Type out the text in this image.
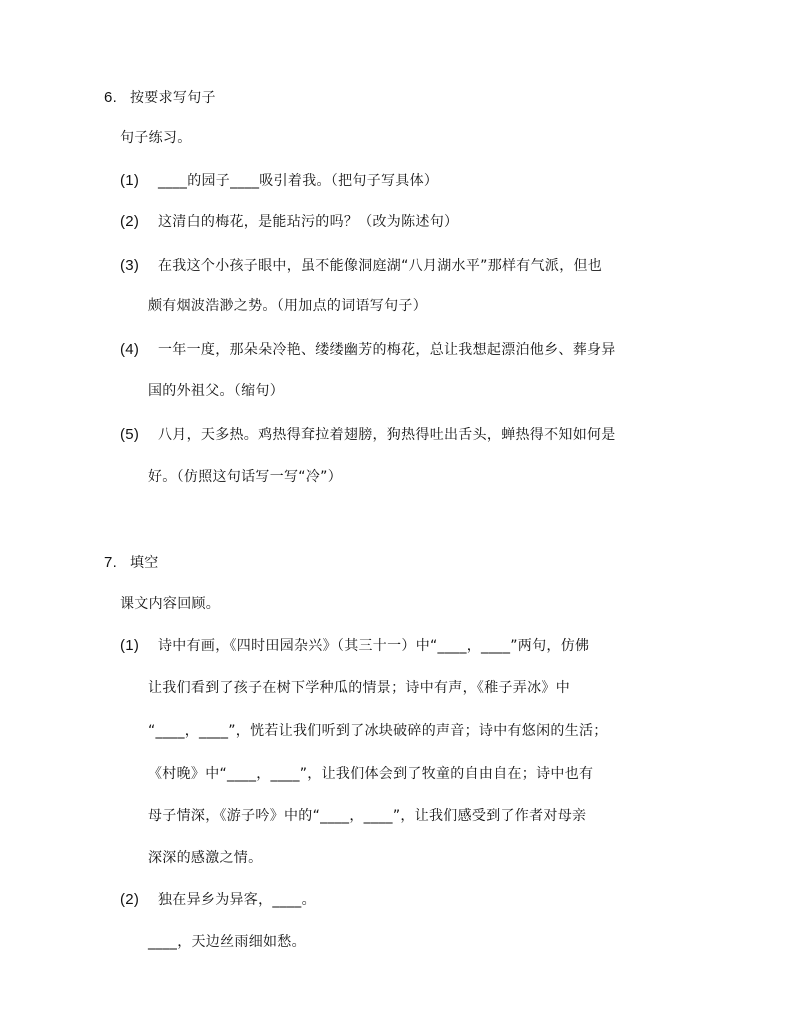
6. 按要求写句子
句子练习。
(1) ____的园子____吸引着我。（把句子写具体）
(2) 这清白的梅花，是能玷污的吗？（改为陈述句）
(3) 在我这个小孩子眼中，虽不能像洞庭湖“八月湖水平”那样有气派，但也
颇有烟波浩渺之势。（用加点的词语写句子）
(4) 一年一度，那朵朵冷艳、缕缕幽芳的梅花，总让我想起漂泊他乡、葬身异
国的外祖父。（缩句）
(5) 八月，天多热。鸡热得耷拉着翅膀，狗热得吐出舌头，蝉热得不知如何是
好。（仿照这句话写一写“冷”）
7. 填空
课文内容回顾。
(1) 诗中有画，《四时田园杂兴》（其三十一）中“____，____”两句，仿佛
让我们看到了孩子在树下学种瓜的情景；诗中有声，《稚子弄冰》中
“____，____”，恍若让我们听到了冰块破碎的声音；诗中有悠闲的生活；
《村晚》中“____，____”，让我们体会到了牧童的自由自在；诗中也有
母子情深，《游子吟》中的“____，____”，让我们感受到了作者对母亲
深深的感激之情。
(2) 独在异乡为异客，____。
____，天边丝雨细如愁。
